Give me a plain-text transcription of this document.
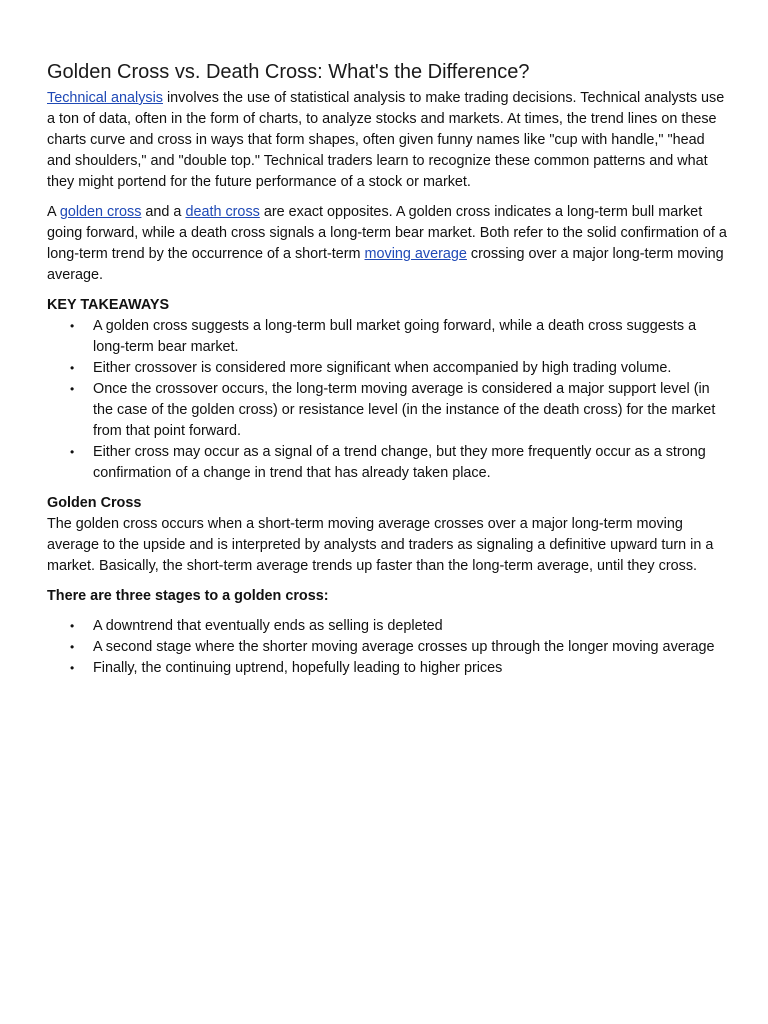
Golden Cross vs. Death Cross: What's the Difference?

Technical analysis involves the use of statistical analysis to make trading decisions. Technical analysts use a ton of data, often in the form of charts, to analyze stocks and markets. At times, the trend lines on these charts curve and cross in ways that form shapes, often given funny names like "cup with handle," "head and shoulders," and "double top." Technical traders learn to recognize these common patterns and what they might portend for the future performance of a stock or market.

A golden cross and a death cross are exact opposites. A golden cross indicates a long-term bull market going forward, while a death cross signals a long-term bear market. Both refer to the solid confirmation of a long-term trend by the occurrence of a short-term moving average crossing over a major long-term moving average.

KEY TAKEAWAYS
• A golden cross suggests a long-term bull market going forward, while a death cross suggests a long-term bear market.
• Either crossover is considered more significant when accompanied by high trading volume.
• Once the crossover occurs, the long-term moving average is considered a major support level (in the case of the golden cross) or resistance level (in the instance of the death cross) for the market from that point forward.
• Either cross may occur as a signal of a trend change, but they more frequently occur as a strong confirmation of a change in trend that has already taken place.
Golden Cross

The golden cross occurs when a short-term moving average crosses over a major long-term moving average to the upside and is interpreted by analysts and traders as signaling a definitive upward turn in a market. Basically, the short-term average trends up faster than the long-term average, until they cross.

There are three stages to a golden cross:
• A downtrend that eventually ends as selling is depleted
• A second stage where the shorter moving average crosses up through the longer moving average
• Finally, the continuing uptrend, hopefully leading to higher prices
